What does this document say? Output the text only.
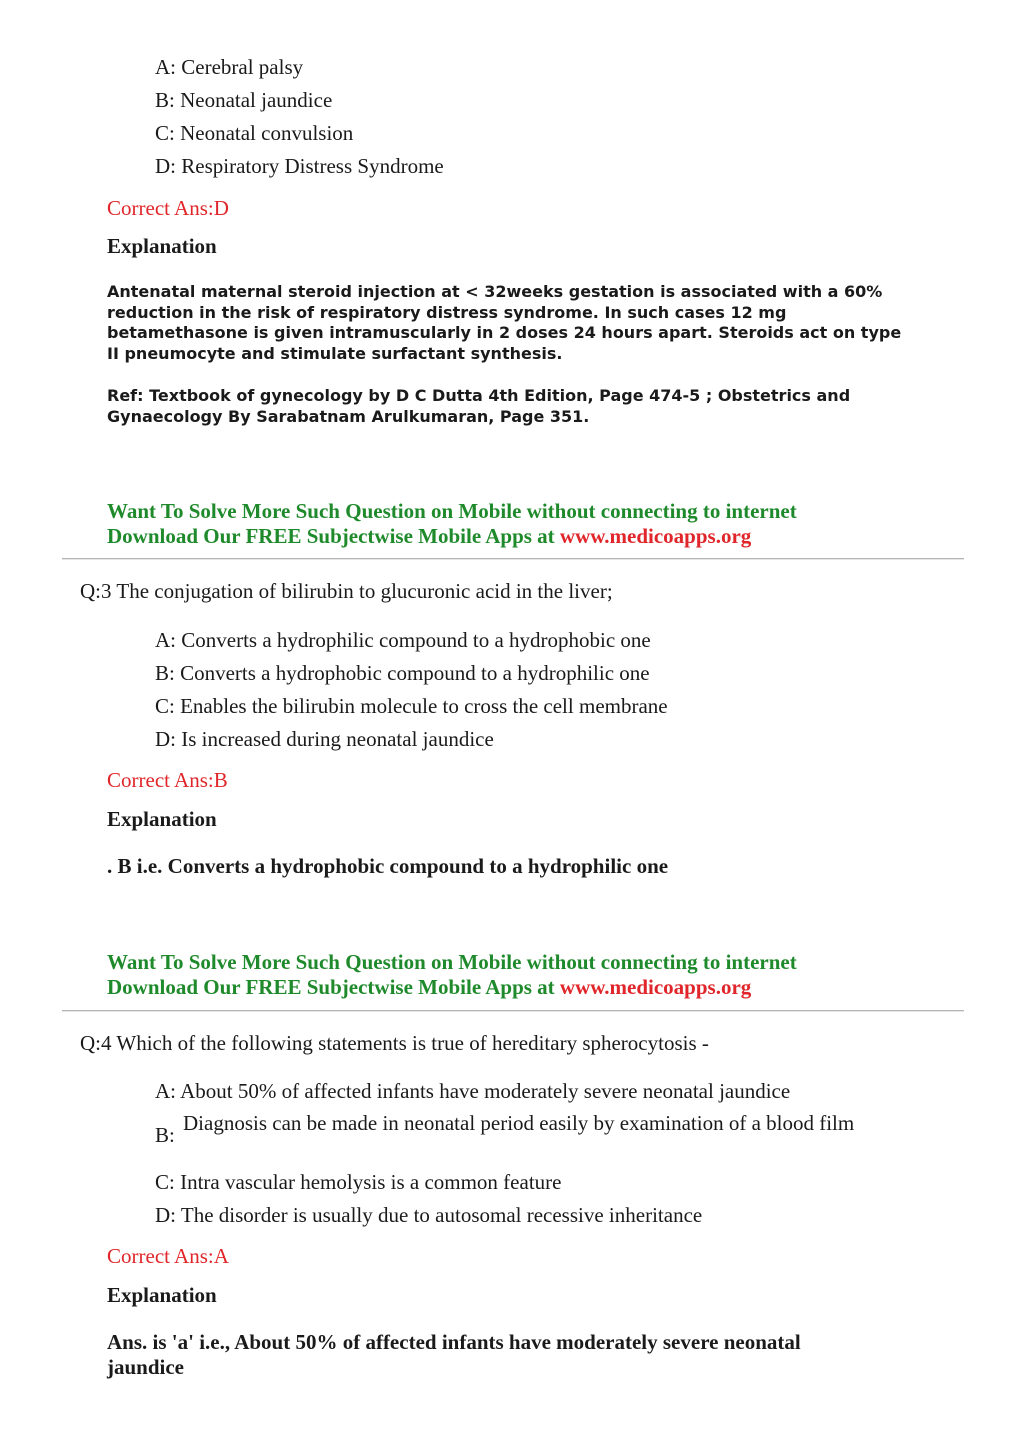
A: Cerebral palsy
B: Neonatal jaundice
C: Neonatal convulsion
D: Respiratory Distress Syndrome
Correct Ans:D
Explanation
Antenatal maternal steroid injection at < 32weeks gestation is associated with a 60%
reduction in the risk of respiratory distress syndrome. In such cases 12 mg
betamethasone is given intramuscularly in 2 doses 24 hours apart. Steroids act on type
II pneumocyte and stimulate surfactant synthesis.
Ref: Textbook of gynecology by D C Dutta 4th Edition, Page 474-5 ; Obstetrics and
Gynaecology By Sarabatnam Arulkumaran, Page 351.
Want To Solve More Such Question on Mobile without connecting to internet
Download Our FREE Subjectwise Mobile Apps at www.medicoapps.org
Q:3 The conjugation of bilirubin to glucuronic acid in the liver;
A: Converts a hydrophilic compound to a hydrophobic one
B: Converts a hydrophobic compound to a hydrophilic one
C: Enables the bilirubin molecule to cross the cell membrane
D: Is increased during neonatal jaundice
Correct Ans:B
Explanation
. B i.e. Converts a hydrophobic compound to a hydrophilic one
Want To Solve More Such Question on Mobile without connecting to internet
Download Our FREE Subjectwise Mobile Apps at www.medicoapps.org
Q:4 Which of the following statements is true of hereditary spherocytosis -
A: About 50% of affected infants have moderately severe neonatal jaundice
B: Diagnosis can be made in neonatal period easily by examination of a blood film
C: Intra vascular hemolysis is a common feature
D: The disorder is usually due to autosomal recessive inheritance
Correct Ans:A
Explanation
Ans. is 'a' i.e., About 50% of affected infants have moderately severe neonatal
jaundice
